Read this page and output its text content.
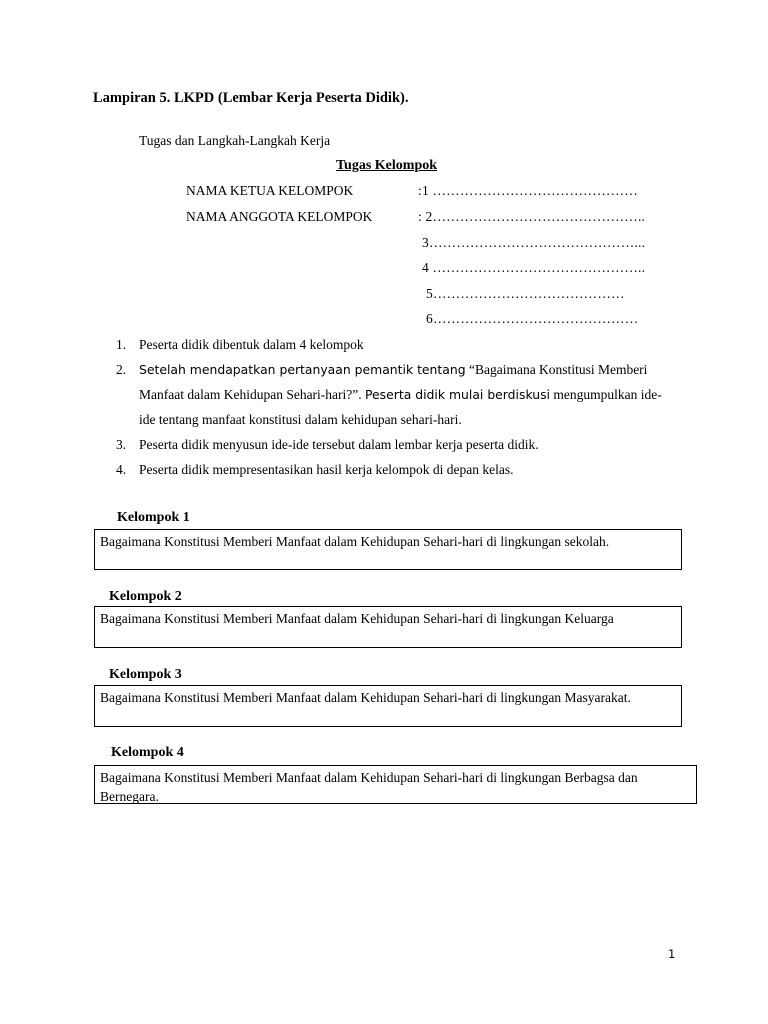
Lampiran 5. LKPD (Lembar Kerja Peserta Didik).
Tugas dan Langkah-Langkah Kerja
Tugas Kelompok
NAMA KETUA KELOMPOK
NAMA ANGGOTA KELOMPOK
:1 ………………………………………
: 2………………………………………..
3………………………………………...
4 ………………………………………..
5……………………………………
6………………………………………
1. Peserta didik dibentuk dalam 4 kelompok
2. Setelah mendapatkan pertanyaan pemantik tentang “Bagaimana Konstitusi Memberi Manfaat dalam Kehidupan Sehari-hari?”. Peserta didik mulai berdiskusi mengumpulkan ide-ide tentang manfaat konstitusi dalam kehidupan sehari-hari.
3. Peserta didik menyusun ide-ide tersebut dalam lembar kerja peserta didik.
4. Peserta didik mempresentasikan hasil kerja kelompok di depan kelas.
Kelompok 1
Bagaimana Konstitusi Memberi Manfaat dalam Kehidupan Sehari-hari di lingkungan sekolah.
Kelompok 2
Bagaimana Konstitusi Memberi Manfaat dalam Kehidupan Sehari-hari di lingkungan Keluarga
Kelompok 3
Bagaimana Konstitusi Memberi Manfaat dalam Kehidupan Sehari-hari di lingkungan Masyarakat.
Kelompok 4
Bagaimana Konstitusi Memberi Manfaat dalam Kehidupan Sehari-hari di lingkungan Berbagsa dan Bernegara.
1
